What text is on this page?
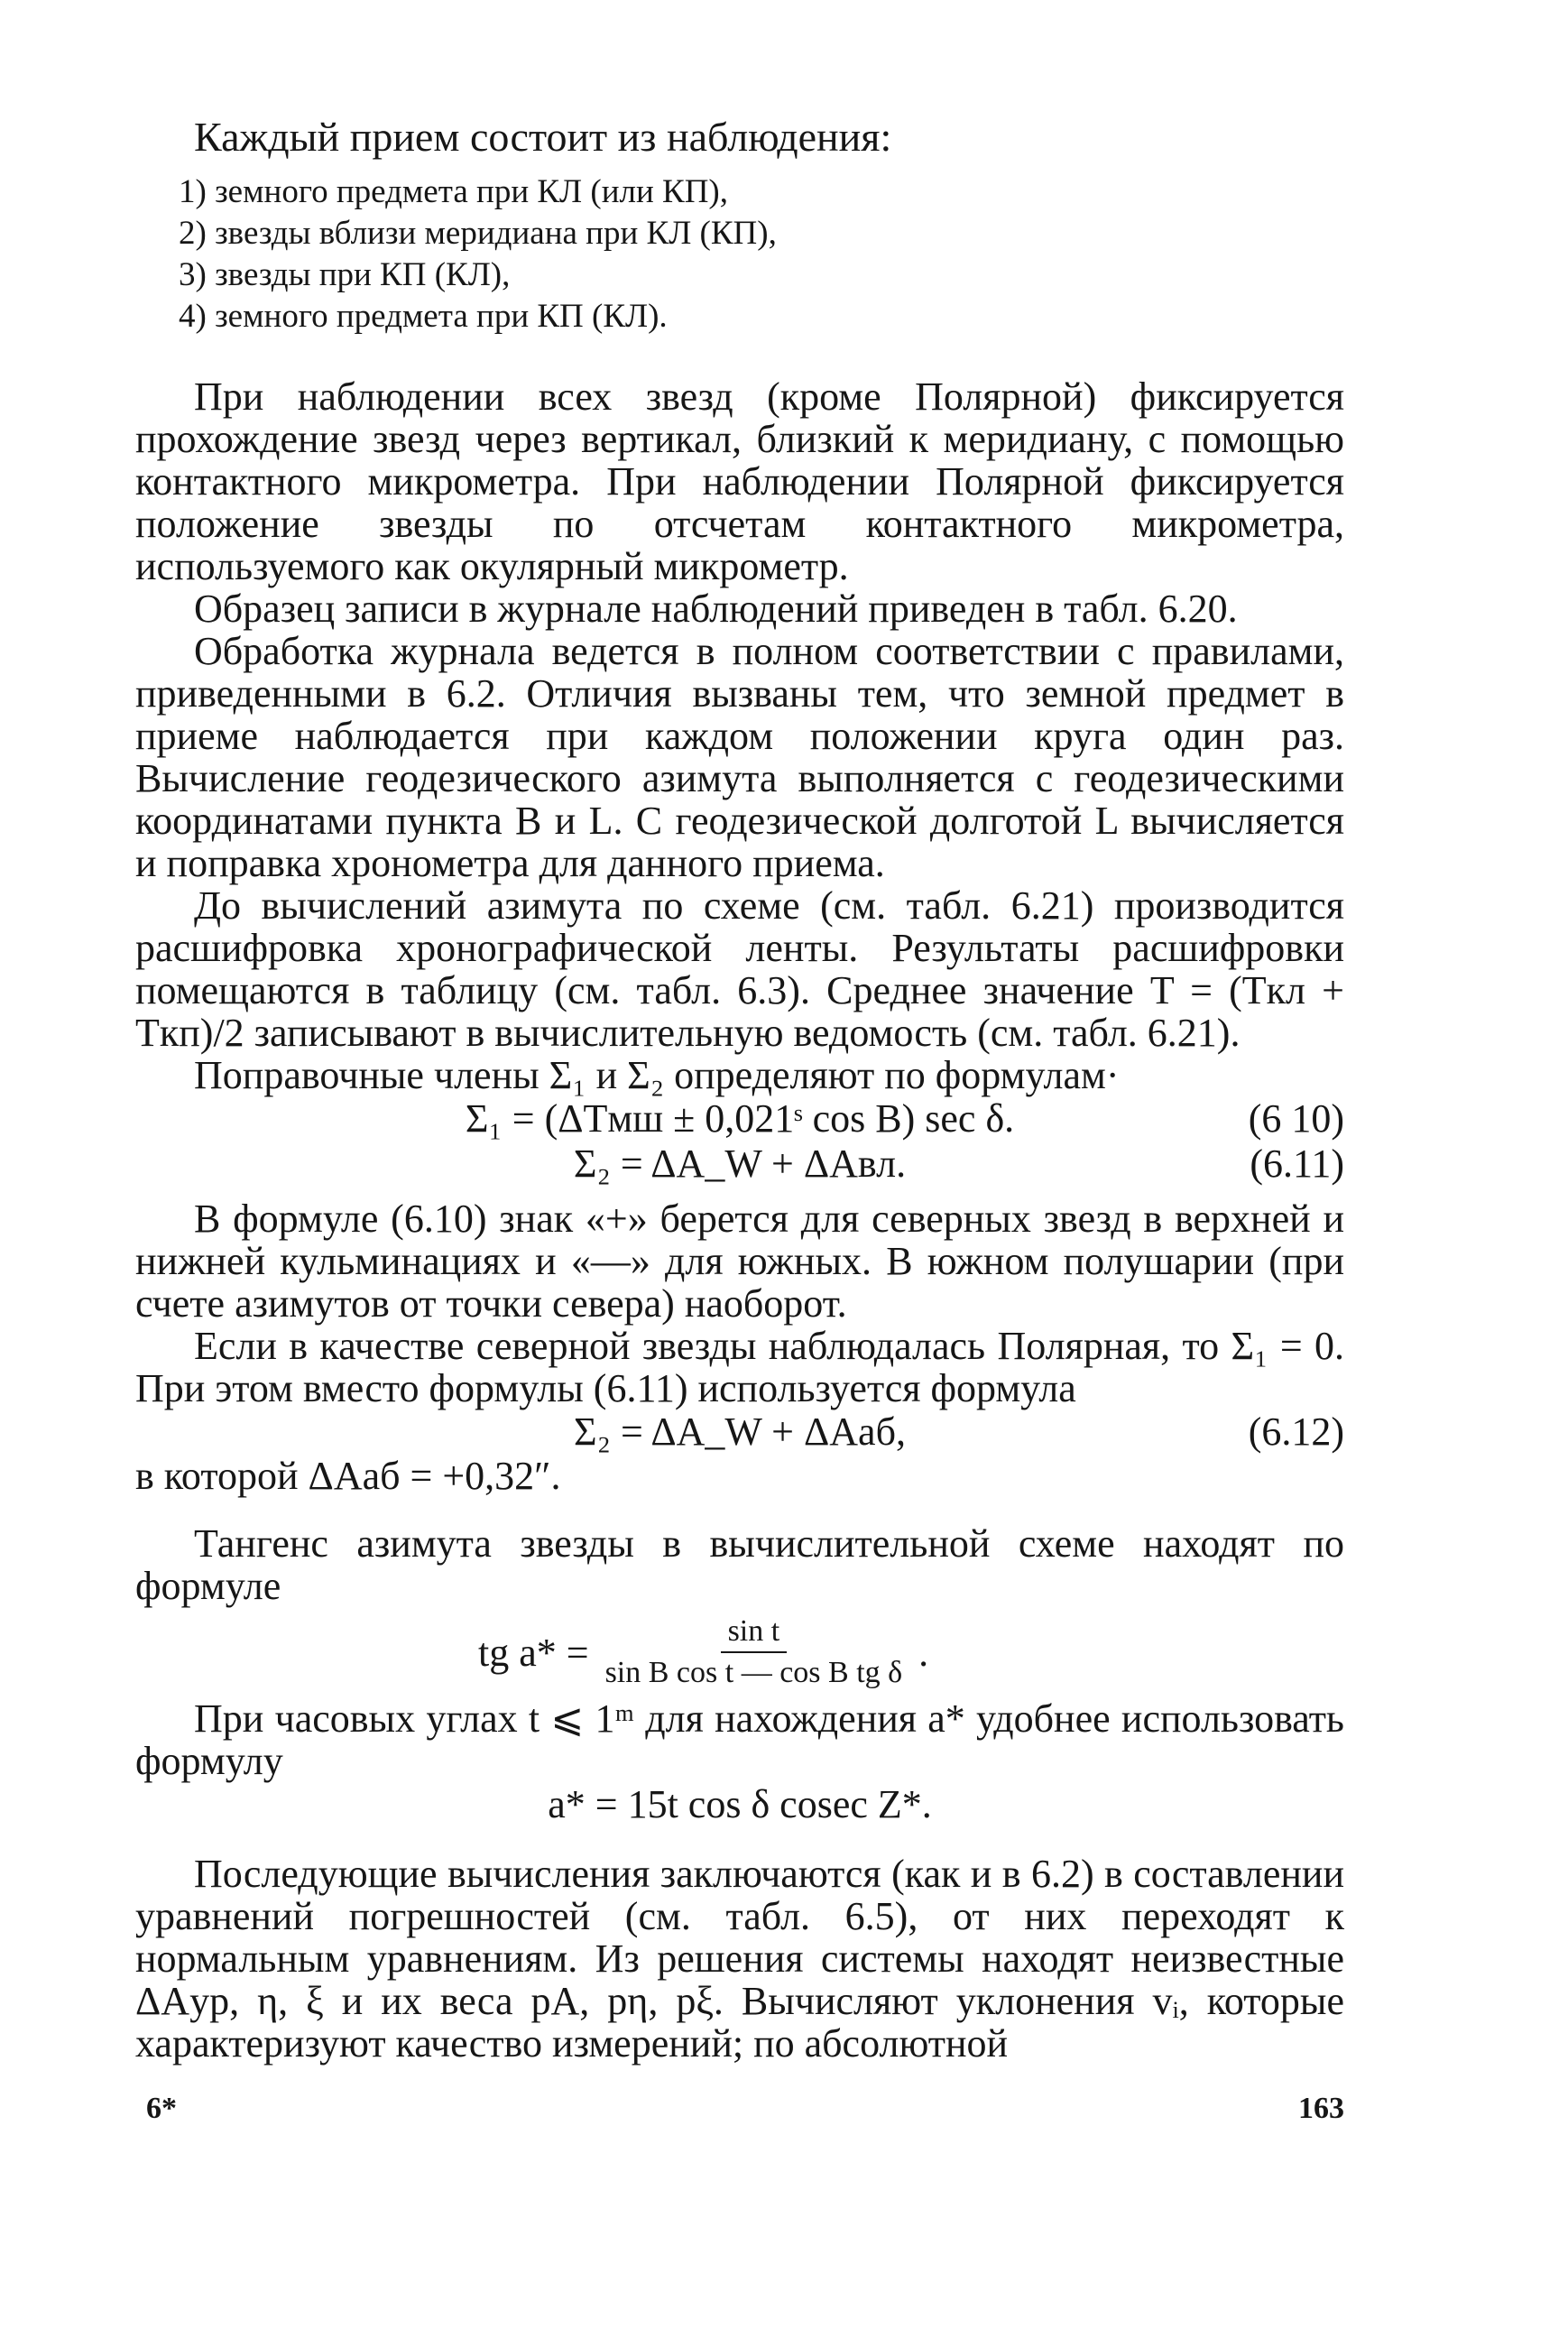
Каждый прием состоит из наблюдения:

1) земного предмета при КЛ (или КП),
2) звезды вблизи меридиана при КЛ (КП),
3) звезды при КП (КЛ),
4) земного предмета при КП (КЛ).

При наблюдении всех звезд (кроме Полярной) фиксируется прохождение звезд через вертикал, близкий к меридиану, с помощью контактного микрометра. При наблюдении Полярной фиксируется положение звезды по отсчетам контактного микрометра, используемого как окулярный микрометр.

Образец записи в журнале наблюдений приведен в табл. 6.20.

Обработка журнала ведется в полном соответствии с правилами, приведенными в 6.2. Отличия вызваны тем, что земной предмет в приеме наблюдается при каждом положении круга один раз. Вычисление геодезического азимута выполняется с геодезическими координатами пункта B и L. С геодезической долготой L вычисляется и поправка хронометра для данного приема.

До вычислений азимута по схеме (см. табл. 6.21) производится расшифровка хронографической ленты. Результаты расшифровки помещаются в таблицу (см. табл. 6.3). Среднее значение T = (Tкл + Tкп)/2 записывают в вычислительную ведомость (см. табл. 6.21).

Поправочные члены Σ₁ и Σ₂ определяют по формулам·

Σ₁ = (ΔTмш ± 0,021ˢ cos B) sec δ.	(6 10)
Σ₂ = ΔA_W + ΔAвл.	(6.11)

В формуле (6.10) знак «+» берется для северных звезд в верхней и нижней кульминациях и «—» для южных. В южном полушарии (при счете азимутов от точки севера) наоборот.

Если в качестве северной звезды наблюдалась Полярная, то Σ₁ = 0. При этом вместо формулы (6.11) используется формула

Σ₂ = ΔA_W + ΔAаб,	(6.12)

в которой ΔAаб = +0,32″.

Тангенс азимута звезды в вычислительной схеме находят по формуле

tg $a* = \frac{\text{sin t}}{\text{sin B cos t — cos B tg δ}}$ .

При часовых углах t ⩽ 1ᵐ для нахождения a* удобнее использовать формулу

a* = 15t cos δ cosec Z*.

Последующие вычисления заключаются (как и в 6.2) в составлении уравнений погрешностей (см. табл. 6.5), от них переходят к нормальным уравнениям. Из решения системы находят неизвестные ΔAур, η, ξ и их веса pA, pη, pξ. Вычисляют уклонения vᵢ, которые характеризуют качество измерений; по абсолютной

6*	163
